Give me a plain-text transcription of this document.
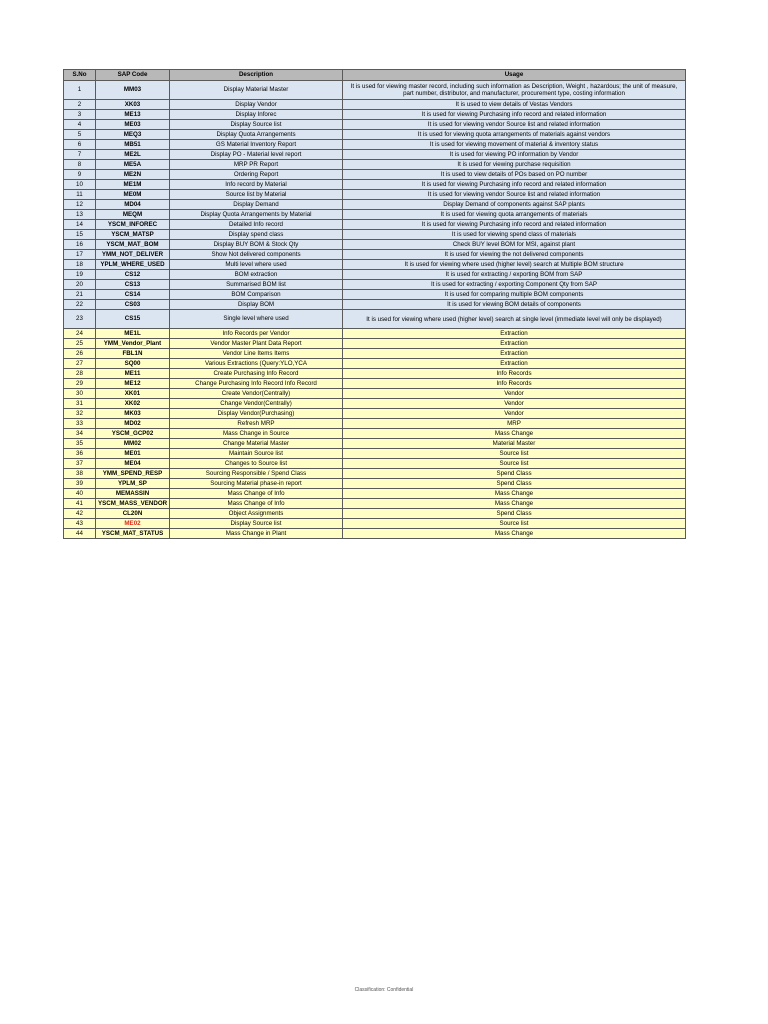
S.No	SAP Code	Description	Usage
1	MM03	Display Material Master	It is used for viewing master record, including such information as Description, Weight , hazardous; the unit of measure, part number, distributor, and manufacturer, procurement type, costing information
2	XK03	Display Vendor	It is used to view details of Vestas Vendors
3	ME13	Display Inforec	It is used for viewing Purchasing info record and related information
4	ME03	Display Source list	It is used for viewing vendor Source list and related information
5	MEQ3	Display Quota Arrangements	It is used for viewing quota arrangements of materials against vendors
6	MB51	GS Material Inventory Report	It is used for viewing movement of material & inventory status
7	ME2L	Display PO - Material level report	It is used for viewing PO information by Vendor
8	ME5A	MRP PR Report	It is used for viewing purchase requisition
9	ME2N	Ordering Report	It is used to view details of POs based on PO number
10	ME1M	Info record by Material	It is used for viewing Purchasing info record and related information
11	ME0M	Source list by Material	It is used for viewing vendor Source list and related information
12	MD04	Display Demand	Display Demand of components against SAP plants
13	MEQM	Display Quota Arrangements by Material	It is used for viewing quota arrangements of materials
14	YSCM_INFOREC	Detailed Info record	It is used for viewing Purchasing info record and related information
15	YSCM_MATSP	Display spend class	It is used for viewing spend class of materials
16	YSCM_MAT_BOM	Display BUY BOM & Stock Qty	Check BUY level BOM for MSI, against plant
17	YMM_NOT_DELIVER	Show Not delivered components	It is used for viewing the not delivered components
18	YPLM_WHERE_USED	Multi level where used	It is used for viewing where used (higher level) search at Multiple BOM structure
19	CS12	BOM extraction	It is used for extracting / exporting BOM from SAP
20	CS13	Summarised BOM list	It is used for extracting / exporting Component Qty from SAP
21	CS14	BOM Comparison	It is used for comparing multiple BOM components
22	CS03	Display BOM	It is used for viewing BOM details of components
23	CS15	Single level where used	It is used for viewing where used (higher level) search at single level (immediate level will only be displayed)
24	ME1L	Info Records per Vendor	Extraction
25	YMM_Vendor_Plant	Vendor Master Plant Data Report	Extraction
26	FBL1N	Vendor Line Items Items	Extraction
27	SQ00	Various Extractions (Query:YLO,YCA	Extraction
28	ME11	Create Purchasing Info Record	Info Records
29	ME12	Change Purchasing Info Record Info Record	Info Records
30	XK01	Create Vendor(Centrally)	Vendor
31	XK02	Change Vendor(Centrally)	Vendor
32	MK03	Display Vendor(Purchasing)	Vendor
33	MD02	Refresh MRP	MRP
34	YSCM_GCP02	Mass Change in Source	Mass Change
35	MM02	Change Material Master	Material Master
36	ME01	Maintain Source list	Source list
37	ME04	Changes to Source list	Source list
38	YMM_SPEND_RESP	Sourcing Responsible / Spend Class	Spend Class
39	YPLM_SP	Sourcing Material phase-in report	Spend Class
40	MEMASSIN	Mass Change of Info	Mass Change
41	YSCM_MASS_VENDOR	Mass Change of Info	Mass Change
42	CL20N	Object Assignments	Spend Class
43	ME02	Display Source list	Source list
44	YSCM_MAT_STATUS	Mass Change in Plant	Mass Change
Classification: Confidential
